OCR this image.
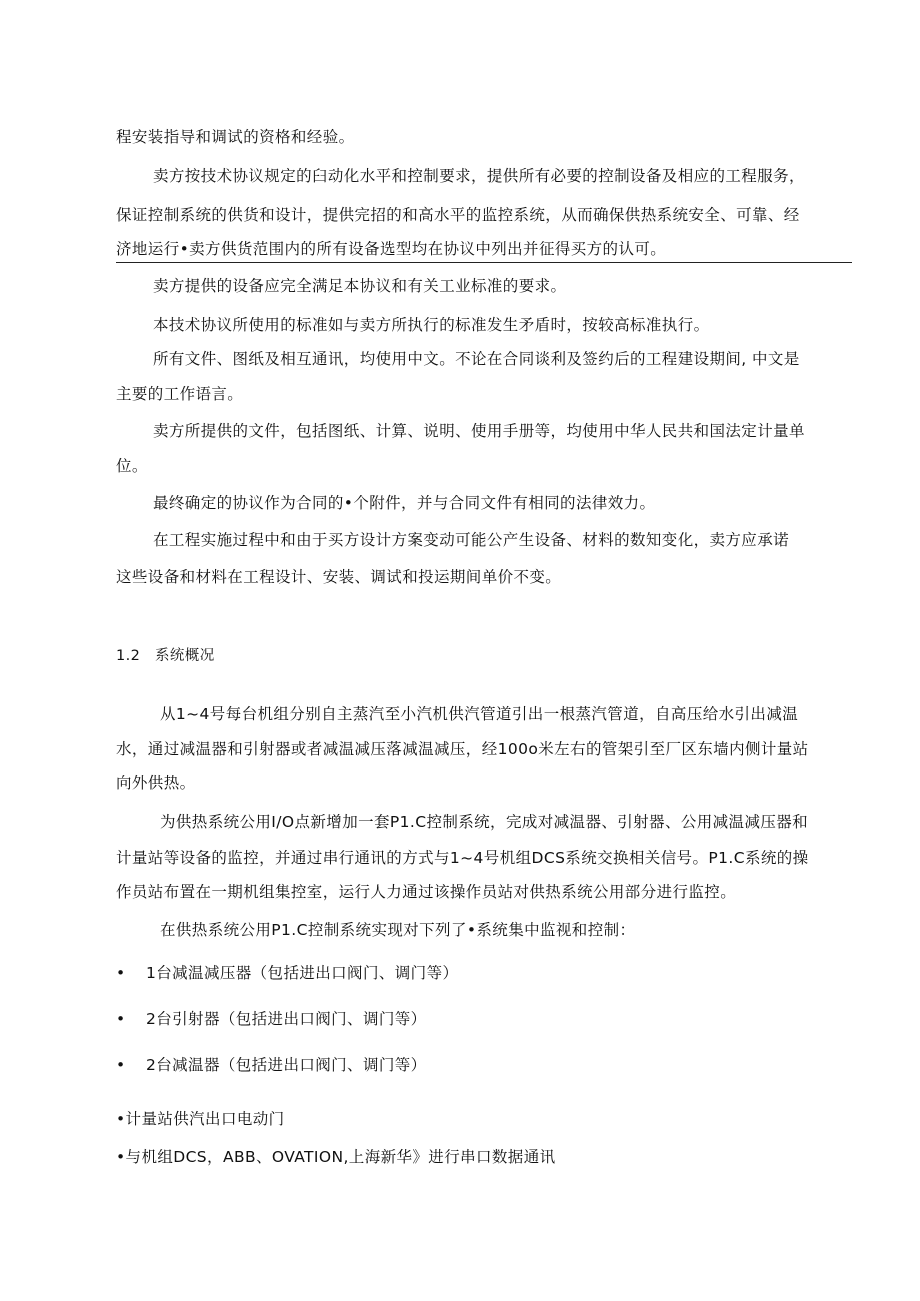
程安装指导和调试的资格和经验。
卖方按技术协议规定的臼动化水平和控制要求，提供所有必要的控制设备及相应的工程服务，
保证控制系统的供货和设计，提供完招的和高水平的监控系统，从而确保供热系统安全、可靠、经
济地运行•卖方供货范围内的所有设备选型均在协议中列出并征得买方的认可。
卖方提供的设备应完全满足本协议和有关工业标准的要求。
本技术协议所使用的标准如与卖方所执行的标准发生矛盾时，按较高标准执行。
所有文件、图纸及相互通讯，均使用中文。不论在合同谈利及签约后的工程建设期间, 中文是
主要的工作语言。
卖方所提供的文件，包括图纸、计算、说明、使用手册等，均使用中华人民共和国法定计量单
位。
最终确定的协议作为合同的•个附件，并与合同文件有相同的法律效力。
在工程实施过程中和由于买方设计方案变动可能公产生设备、材料的数知变化，卖方应承诺
这些设备和材料在工程设计、安装、调试和投运期间单价不变。
1.2 系统概况
从1~4号每台机组分别自主蒸汽至小汽机供汽管道引出一根蒸汽管道，自高压给水引出减温
水，通过减温器和引射器或者减温减压落减温减压，经100o米左右的管架引至厂区东墙内侧计量站
向外供热。
为供热系统公用I/O点新增加一套P1.C控制系统，完成对减温器、引射器、公用减温减压器和
计量站等设备的监控，并通过串行通讯的方式与1~4号机组DCS系统交换相关信号。P1.C系统的操
作员站布置在一期机组集控室，运行人力通过该操作员站对供热系统公用部分进行监控。
在供热系统公用P1.C控制系统实现对下列了•系统集中监视和控制：
• 1台减温减压器（包括进出口阀门、调门等）
• 2台引射器（包括进出口阀门、调门等）
• 2台减温器（包括进出口阀门、调门等）
•计量站供汽出口电动门
•与机组DCS，ABB、OVATION,上海新华》进行串口数据通讯
